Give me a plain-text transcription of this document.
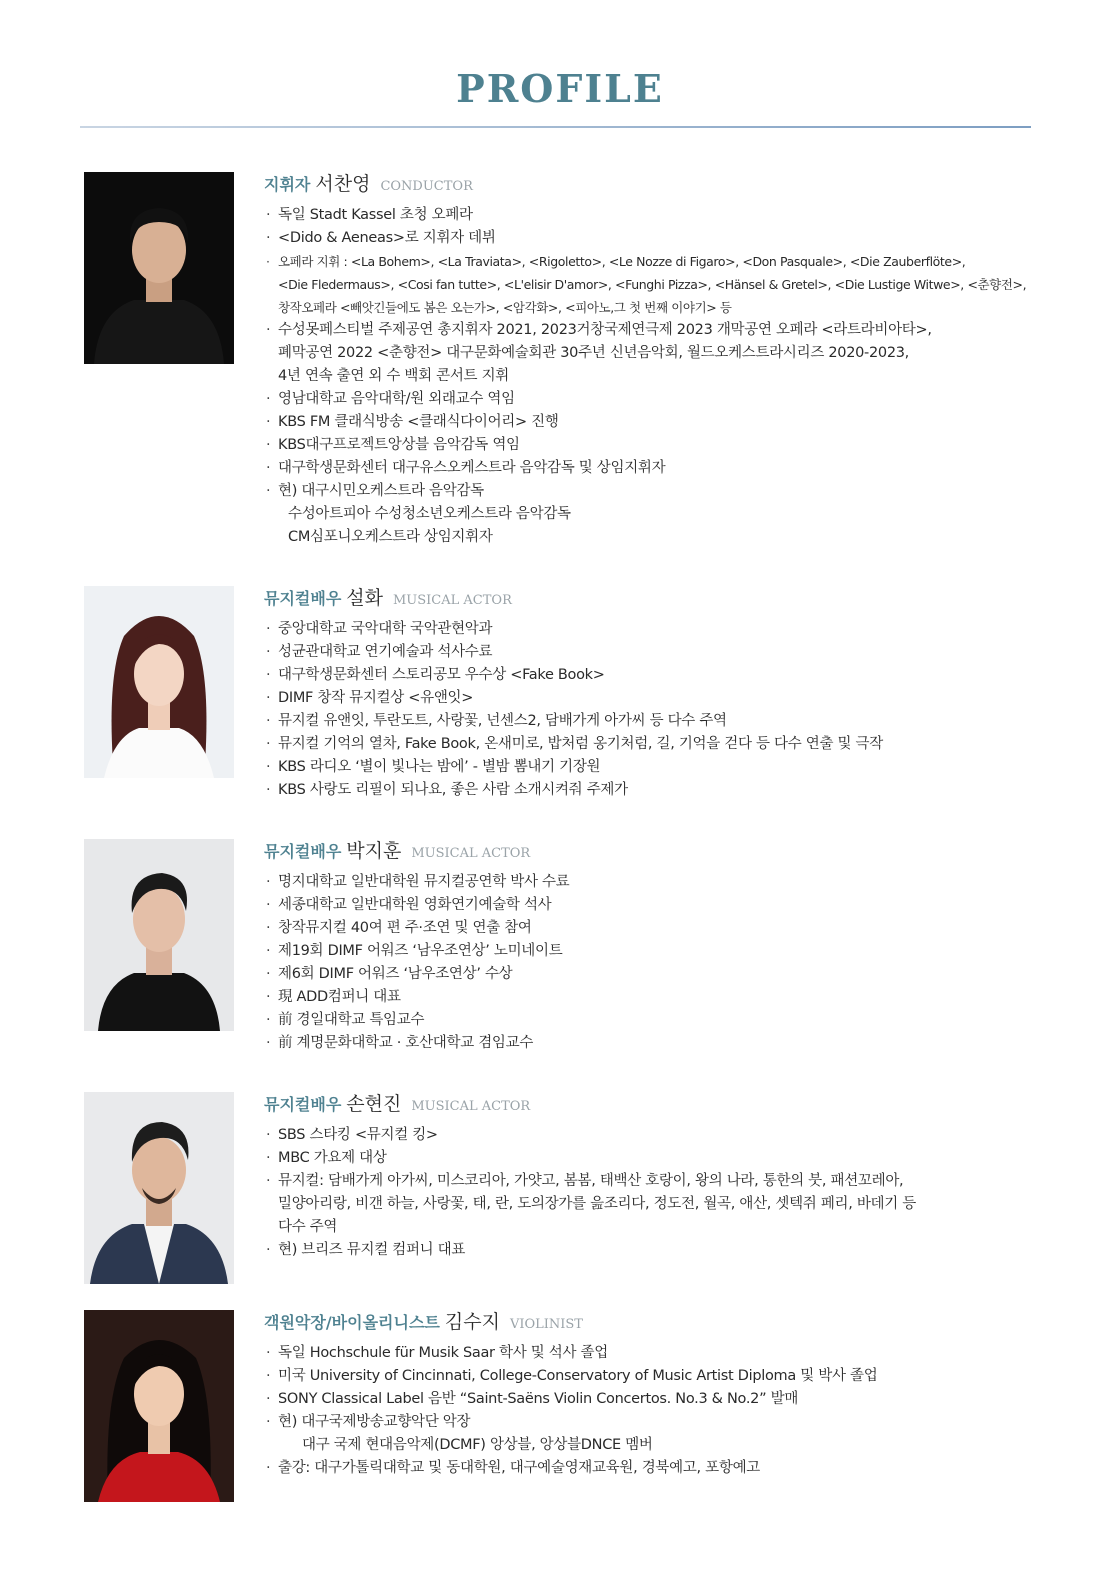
PROFILE
지휘자 서찬영 CONDUCTOR
· 독일 Stadt Kassel 초청 오페라
· <Dido & Aeneas>로 지휘자 데뷔
· 오페라 지휘 : <La Bohem>, <La Traviata>, <Rigoletto>, <Le Nozze di Figaro>, <Don Pasquale>, <Die Zauberflöte>,
<Die Fledermaus>, <Cosi fan tutte>, <L'elisir D'amor>, <Funghi Pizza>, <Hänsel & Gretel>, <Die Lustige Witwe>, <춘향전>,
창작오페라 <빼앗긴들에도 봄은 오는가>, <암각화>, <피아노,그 첫 번째 이야기> 등
· 수성못페스티벌 주제공연 총지휘자 2021, 2023거창국제연극제 2023 개막공연 오페라 <라트라비아타>,
폐막공연 2022 <춘향전> 대구문화예술회관 30주년 신년음악회, 월드오케스트라시리즈 2020-2023,
4년 연속 출연 외 수 백회 콘서트 지휘
· 영남대학교 음악대학/원 외래교수 역임
· KBS FM 클래식방송 <클래식다이어리> 진행
· KBS대구프로젝트앙상블 음악감독 역임
· 대구학생문화센터 대구유스오케스트라 음악감독 및 상임지휘자
· 현) 대구시민오케스트라 음악감독
수성아트피아 수성청소년오케스트라 음악감독
CM심포니오케스트라 상임지휘자
뮤지컬배우 설화 MUSICAL ACTOR
· 중앙대학교 국악대학 국악관현악과
· 성균관대학교 연기예술과 석사수료
· 대구학생문화센터 스토리공모 우수상 <Fake Book>
· DIMF 창작 뮤지컬상 <유앤잇>
· 뮤지컬 유앤잇, 투란도트, 사랑꽃, 넌센스2, 담배가게 아가씨 등 다수 주역
· 뮤지컬 기억의 열차, Fake Book, 온새미로, 밥처럼 옹기처럼, 길, 기억을 걷다 등 다수 연출 및 극작
· KBS 라디오 ‘별이 빛나는 밤에’ - 별밤 뽐내기 기장원
· KBS 사랑도 리필이 되나요, 좋은 사람 소개시켜줘 주제가
뮤지컬배우 박지훈 MUSICAL ACTOR
· 명지대학교 일반대학원 뮤지컬공연학 박사 수료
· 세종대학교 일반대학원 영화연기예술학 석사
· 창작뮤지컬 40여 편 주·조연 및 연출 참여
· 제19회 DIMF 어워즈 ‘남우조연상’ 노미네이트
· 제6회 DIMF 어워즈 ‘남우조연상’ 수상
· 現 ADD컴퍼니 대표
· 前 경일대학교 특임교수
· 前 계명문화대학교 · 호산대학교 겸임교수
뮤지컬배우 손현진 MUSICAL ACTOR
· SBS 스타킹 <뮤지컬 킹>
· MBC 가요제 대상
· 뮤지컬: 담배가게 아가씨, 미스코리아, 가얏고, 봄봄, 태백산 호랑이, 왕의 나라, 통한의 붓, 패션꼬레아,
밀양아리랑, 비갠 하늘, 사랑꽃, 태, 란, 도의장가를 읊조리다, 정도전, 월곡, 애산, 셋텍쥐 페리, 바데기 등
다수 주역
· 현) 브리즈 뮤지컬 컴퍼니 대표
객원악장/바이올리니스트 김수지 VIOLINIST
· 독일 Hochschule für Musik Saar 학사 및 석사 졸업
· 미국 University of Cincinnati, College-Conservatory of Music Artist Diploma 및 박사 졸업
· SONY Classical Label 음반 “Saint-Saëns Violin Concertos. No.3 & No.2” 발매
· 현) 대구국제방송교향악단 악장
대구 국제 현대음악제(DCMF) 앙상블, 앙상블DNCE 멤버
· 출강: 대구가톨릭대학교 및 동대학원, 대구예술영재교육원, 경북예고, 포항예고
